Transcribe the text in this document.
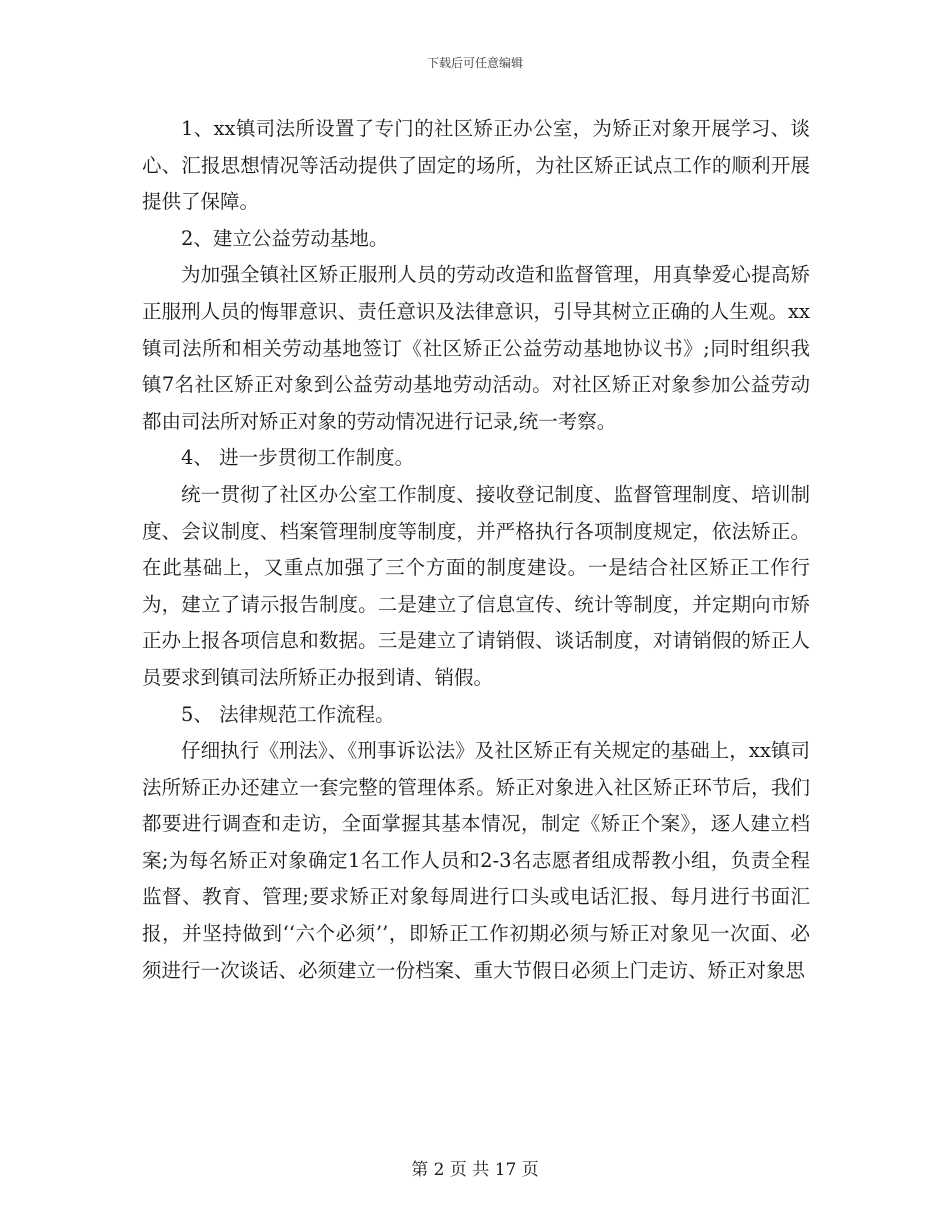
下载后可任意编辑

1、xx镇司法所设置了专门的社区矫正办公室，为矫正对象开展学习、谈心、汇报思想情况等活动提供了固定的场所，为社区矫正试点工作的顺利开展提供了保障。

2、建立公益劳动基地。

为加强全镇社区矫正服刑人员的劳动改造和监督管理，用真挚爱心提高矫正服刑人员的悔罪意识、责任意识及法律意识，引导其树立正确的人生观。xx镇司法所和相关劳动基地签订《社区矫正公益劳动基地协议书》;同时组织我镇7名社区矫正对象到公益劳动基地劳动活动。对社区矫正对象参加公益劳动都由司法所对矫正对象的劳动情况进行记录,统一考察。

4、 进一步贯彻工作制度。

统一贯彻了社区办公室工作制度、接收登记制度、监督管理制度、培训制度、会议制度、档案管理制度等制度，并严格执行各项制度规定，依法矫正。在此基础上，又重点加强了三个方面的制度建设。一是结合社区矫正工作行为，建立了请示报告制度。二是建立了信息宣传、统计等制度，并定期向市矫正办上报各项信息和数据。三是建立了请销假、谈话制度，对请销假的矫正人员要求到镇司法所矫正办报到请、销假。

5、 法律规范工作流程。

仔细执行《刑法》、《刑事诉讼法》及社区矫正有关规定的基础上，xx镇司法所矫正办还建立一套完整的管理体系。矫正对象进入社区矫正环节后，我们都要进行调查和走访，全面掌握其基本情况，制定《矫正个案》，逐人建立档案;为每名矫正对象确定1名工作人员和2-3名志愿者组成帮教小组，负责全程监督、教育、管理;要求矫正对象每周进行口头或电话汇报、每月进行书面汇报，并坚持做到‘‘六个必须’’，即矫正工作初期必须与矫正对象见一次面、必须进行一次谈话、必须建立一份档案、重大节假日必须上门走访、矫正对象思

第 2 页 共 17 页
